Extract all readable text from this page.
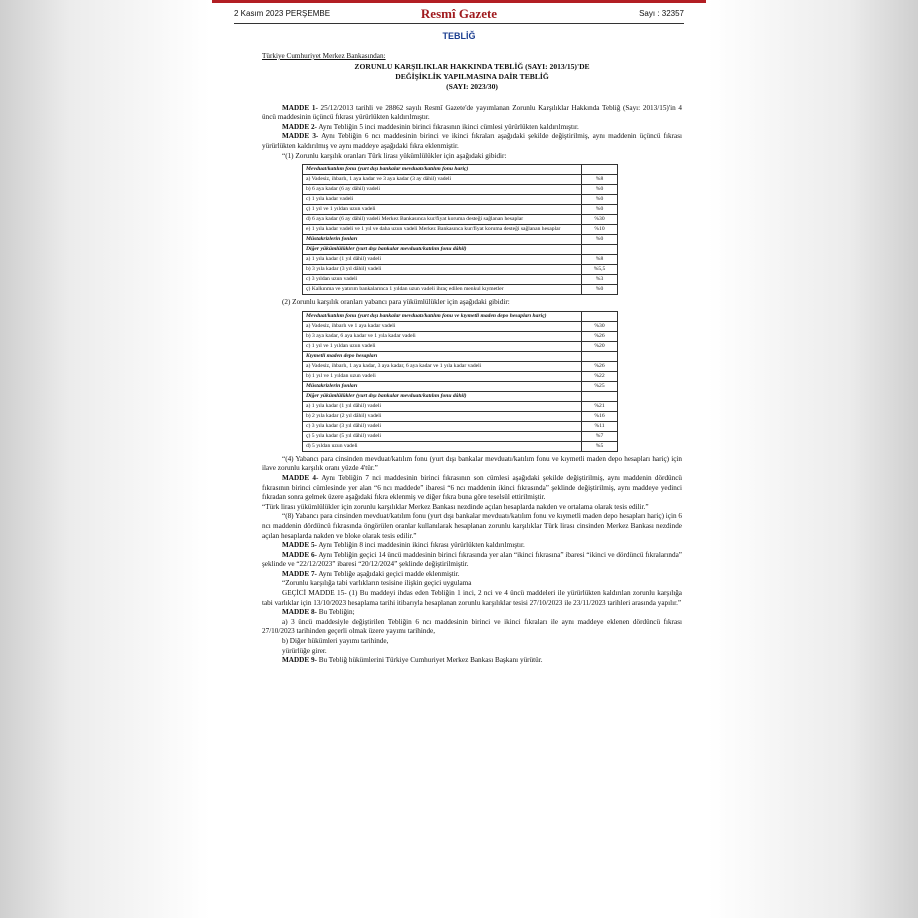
2 Kasım 2023 PERŞEMBE	Resmî Gazete	Sayı : 32357
TEBLİĞ
Türkiye Cumhuriyet Merkez Bankasından:
ZORUNLU KARŞILIKLAR HAKKINDA TEBLİĞ (SAYI: 2013/15)'DE
DEĞİŞİKLİK YAPILMASINA DAİR TEBLİĞ
(SAYI: 2023/30)
MADDE 1- 25/12/2013 tarihli ve 28862 sayılı Resmî Gazete'de yayımlanan Zorunlu Karşılıklar Hakkında Tebliğ (Sayı: 2013/15)'in 4 üncü maddesinin üçüncü fıkrası yürürlükten kaldırılmıştır.
MADDE 2- Aynı Tebliğin 5 inci maddesinin birinci fıkrasının ikinci cümlesi yürürlükten kaldırılmıştır.
MADDE 3- Aynı Tebliğin 6 ncı maddesinin birinci ve ikinci fıkraları aşağıdaki şekilde değiştirilmiş, aynı maddenin üçüncü fıkrası yürürlükten kaldırılmış ve aynı maddeye aşağıdaki fıkra eklenmiştir.
“(1) Zorunlu karşılık oranları Türk lirası yükümlülükler için aşağıdaki gibidir:
Mevduat/katılım fonu (yurt dışı bankalar mevduatı/katılım fonu hariç)	
a) Vadesiz, ihbarlı, 1 aya kadar ve 3 aya kadar (3 ay dâhil) vadeli	%8
b) 6 aya kadar (6 ay dâhil) vadeli	%0
c) 1 yıla kadar vadeli	%0
ç) 1 yıl ve 1 yıldan uzun vadeli	%0
d) 6 aya kadar (6 ay dâhil) vadeli Merkez Bankasınca kur/fiyat koruma desteği sağlanan hesaplar	%30
e) 1 yıla kadar vadeli ve 1 yıl ve daha uzun vadeli Merkez Bankasınca kur/fiyat koruma desteği sağlanan hesaplar	%10
Müstakrizlerin fonları	%0
Diğer yükümlülükler (yurt dışı bankalar mevduatı/katılım fonu dâhil)	
a) 1 yıla kadar (1 yıl dâhil) vadeli	%8
b) 3 yıla kadar (3 yıl dâhil) vadeli	%5,5
c) 3 yıldan uzun vadeli	%3
ç) Kalkınma ve yatırım bankalarınca 1 yıldan uzun vadeli ihraç edilen menkul kıymetler	%0
(2) Zorunlu karşılık oranları yabancı para yükümlülükler için aşağıdaki gibidir:
Mevduat/katılım fonu (yurt dışı bankalar mevduatı/katılım fonu ve kıymetli maden depo hesapları hariç)	
a) Vadesiz, ihbarlı ve 1 aya kadar vadeli	%30
b) 3 aya kadar, 6 aya kadar ve 1 yıla kadar vadeli	%26
c) 1 yıl ve 1 yıldan uzun vadeli	%20
Kıymetli maden depo hesapları	
a) Vadesiz, ihbarlı, 1 aya kadar, 3 aya kadar, 6 aya kadar ve 1 yıla kadar vadeli	%26
b) 1 yıl ve 1 yıldan uzun vadeli	%22
Müstakrizlerin fonları	%25
Diğer yükümlülükler (yurt dışı bankalar mevduatı/katılım fonu dâhil)	
a) 1 yıla kadar (1 yıl dâhil) vadeli	%21
b) 2 yıla kadar (2 yıl dâhil) vadeli	%16
c) 3 yıla kadar (3 yıl dâhil) vadeli	%11
ç) 5 yıla kadar (5 yıl dâhil) vadeli	%7
d) 5 yıldan uzun vadeli	%5
“(4) Yabancı para cinsinden mevduat/katılım fonu (yurt dışı bankalar mevduatı/katılım fonu ve kıymetli maden depo hesapları hariç) için ilave zorunlu karşılık oranı yüzde 4'tür.”
MADDE 4- Aynı Tebliğin 7 nci maddesinin birinci fıkrasının son cümlesi aşağıdaki şekilde değiştirilmiş, aynı maddenin dördüncü fıkrasının birinci cümlesinde yer alan “6 ncı maddede” ibaresi “6 ncı maddenin ikinci fıkrasında” şeklinde değiştirilmiş, aynı maddeye yedinci fıkradan sonra gelmek üzere aşağıdaki fıkra eklenmiş ve diğer fıkra buna göre teselsül ettirilmiştir.
“Türk lirası yükümlülükler için zorunlu karşılıklar Merkez Bankası nezdinde açılan hesaplarda nakden ve ortalama olarak tesis edilir.”
“(8) Yabancı para cinsinden mevduat/katılım fonu (yurt dışı bankalar mevduatı/katılım fonu ve kıymetli maden depo hesapları hariç) için 6 ncı maddenin dördüncü fıkrasında öngörülen oranlar kullanılarak hesaplanan zorunlu karşılıklar Türk lirası cinsinden Merkez Bankası nezdinde açılan hesaplarda nakden ve bloke olarak tesis edilir.”
MADDE 5- Aynı Tebliğin 8 inci maddesinin ikinci fıkrası yürürlükten kaldırılmıştır.
MADDE 6- Aynı Tebliğin geçici 14 üncü maddesinin birinci fıkrasında yer alan “ikinci fıkrasına” ibaresi “ikinci ve dördüncü fıkralarında” şeklinde ve “22/12/2023” ibaresi “20/12/2024” şeklinde değiştirilmiştir.
MADDE 7- Aynı Tebliğe aşağıdaki geçici madde eklenmiştir.
“Zorunlu karşılığa tabi varlıkların tesisine ilişkin geçici uygulama
GEÇİCİ MADDE 15- (1) Bu maddeyi ihdas eden Tebliğin 1 inci, 2 nci ve 4 üncü maddeleri ile yürürlükten kaldırılan zorunlu karşılığa tabi varlıklar için 13/10/2023 hesaplama tarihi itibarıyla hesaplanan zorunlu karşılıklar tesisi 27/10/2023 ile 23/11/2023 tarihleri arasında yapılır.”
MADDE 8- Bu Tebliğin;
a) 3 üncü maddesiyle değiştirilen Tebliğin 6 ncı maddesinin birinci ve ikinci fıkraları ile aynı maddeye eklenen dördüncü fıkrası 27/10/2023 tarihinden geçerli olmak üzere yayımı tarihinde,
b) Diğer hükümleri yayımı tarihinde,
yürürlüğe girer.
MADDE 9- Bu Tebliğ hükümlerini Türkiye Cumhuriyet Merkez Bankası Başkanı yürütür.
